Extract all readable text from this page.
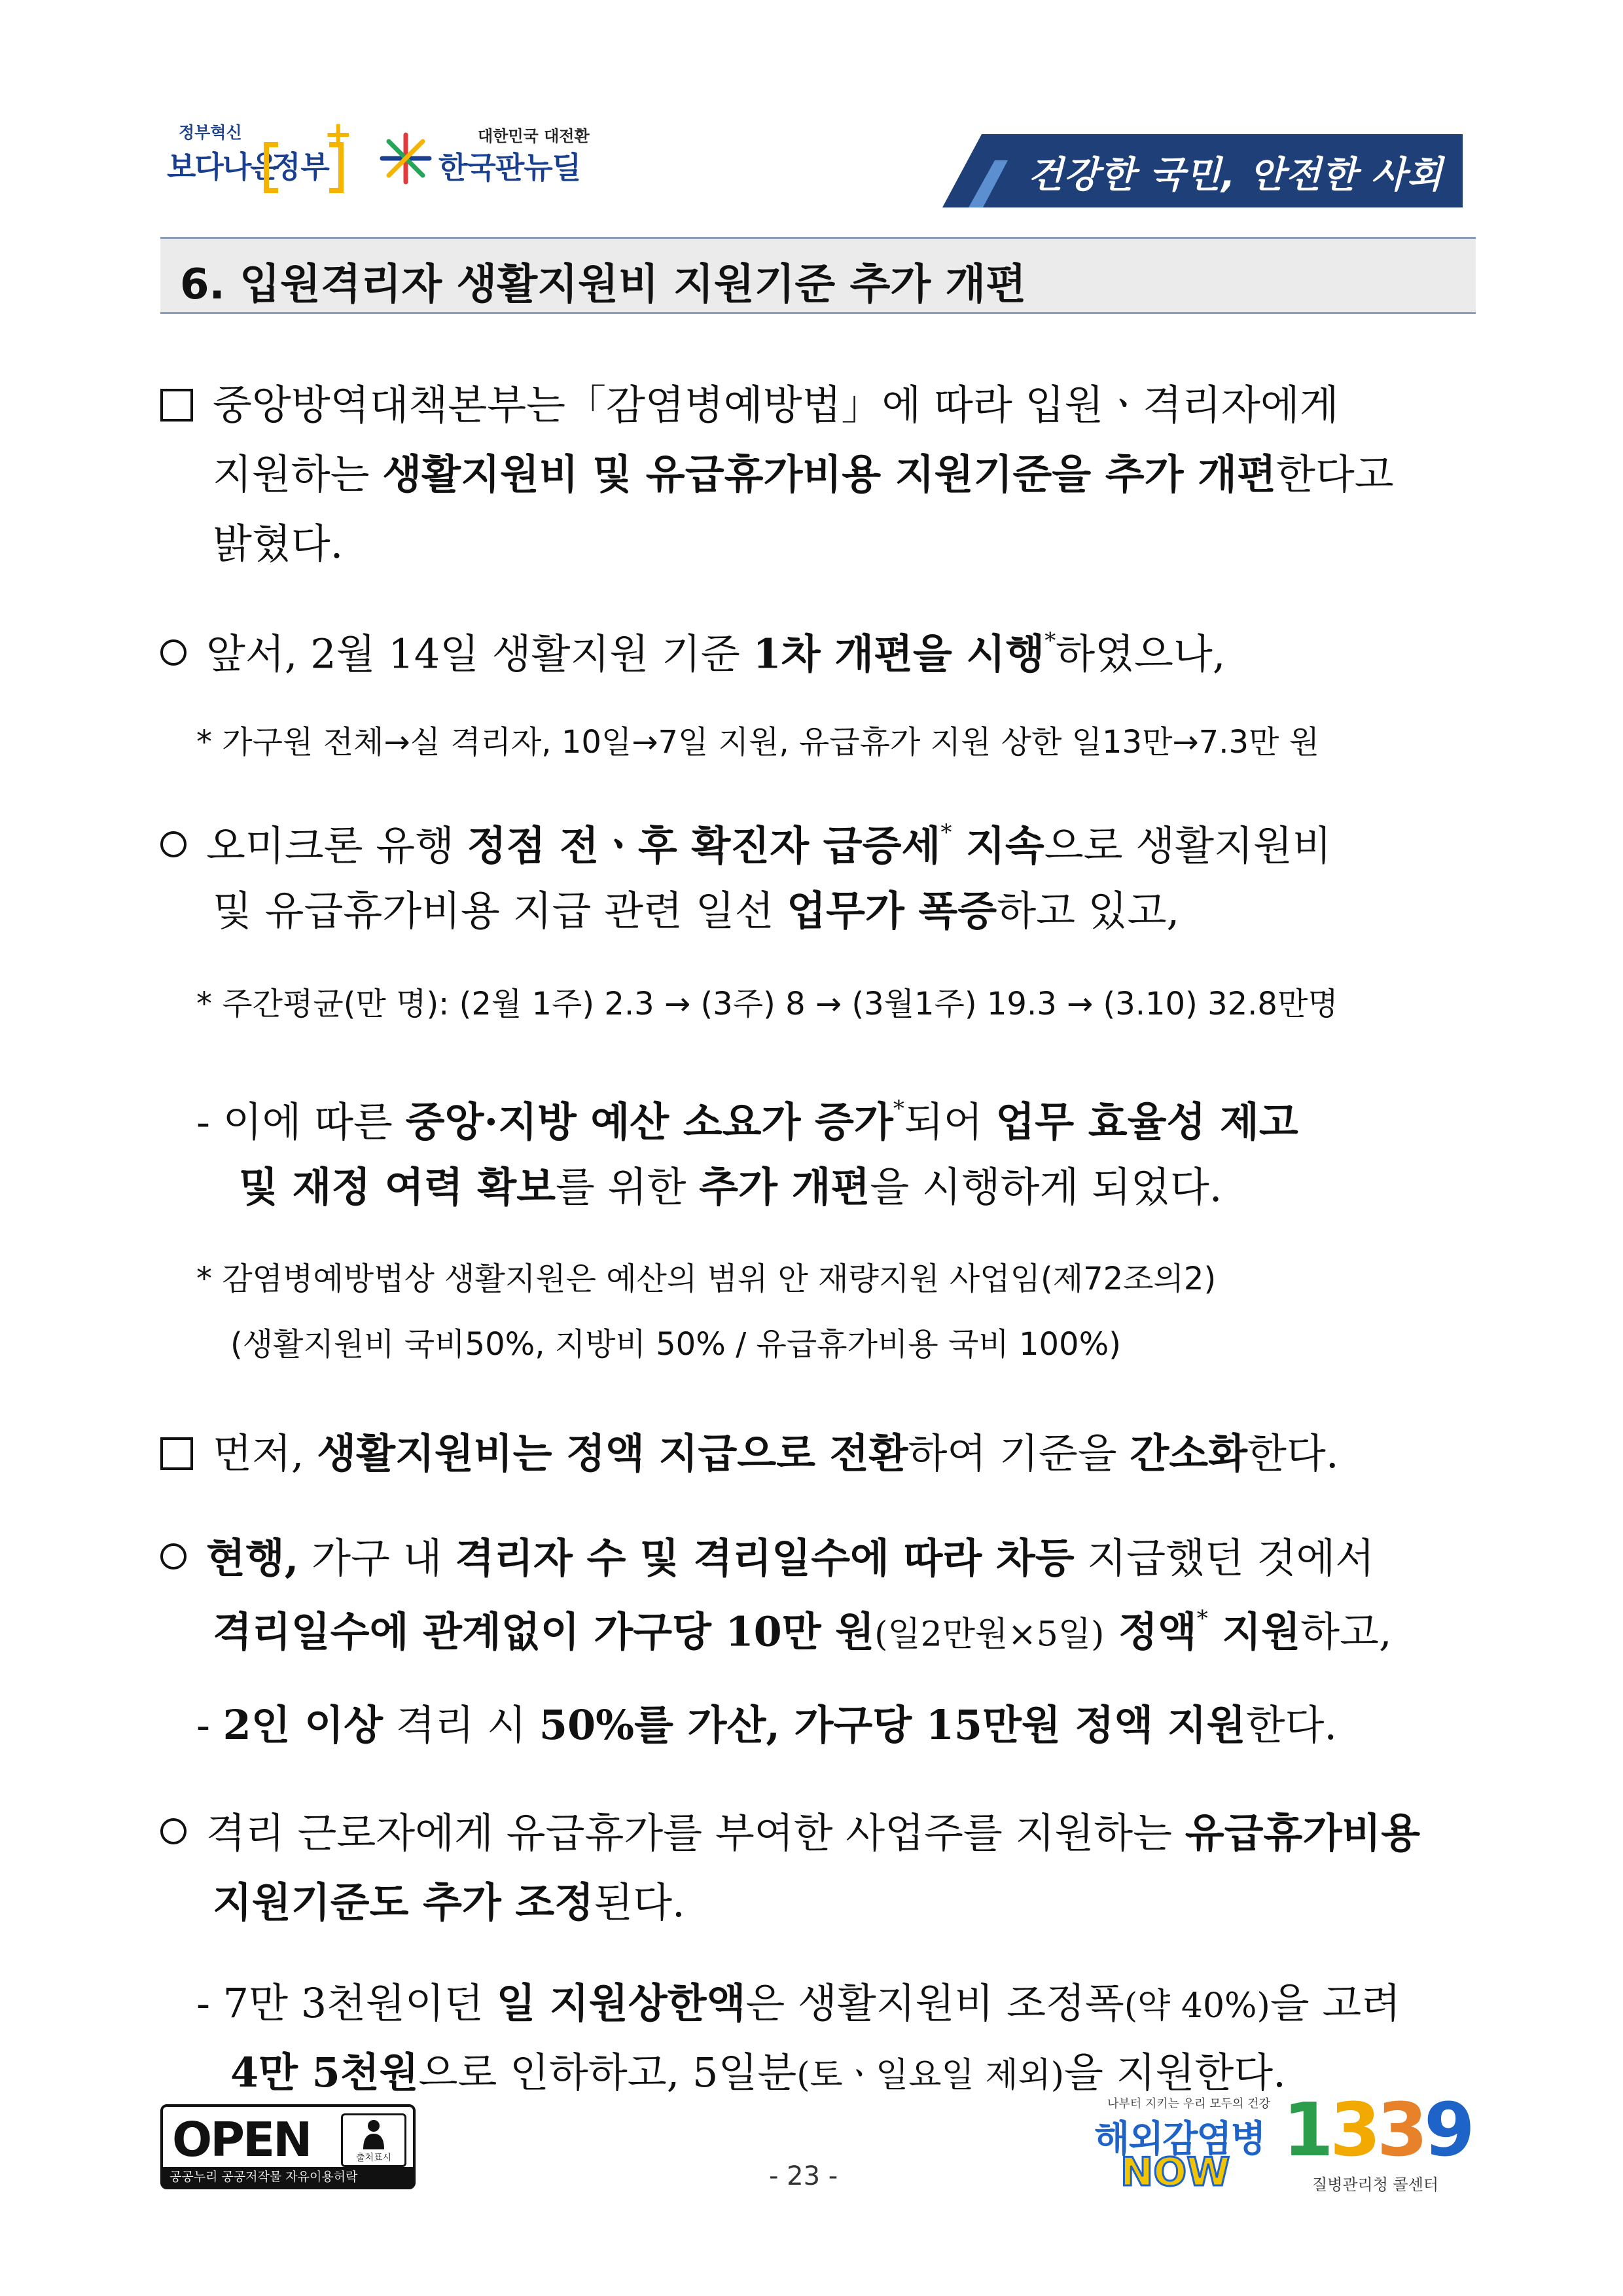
정부혁신
보다나은
정부
+	대한민국 대전환
한국판뉴딜	건강한 국민, 안전한 사회
6. 입원격리자 생활지원비 지원기준 추가 개편
중앙방역대책본부는「감염병예방법」에 따라 입원ㆍ격리자에게
지원하는 생활지원비 및 유급휴가비용 지원기준을 추가 개편한다고
밝혔다.
앞서, 2월 14일 생활지원 기준 1차 개편을 시행*하였으나,
* 가구원 전체→실 격리자, 10일→7일 지원, 유급휴가 지원 상한 일13만→7.3만 원
오미크론 유행 정점 전ㆍ후 확진자 급증세* 지속으로 생활지원비
및 유급휴가비용 지급 관련 일선 업무가 폭증하고 있고,
* 주간평균(만 명): (2월 1주) 2.3 → (3주) 8 → (3월1주) 19.3 → (3.10) 32.8만명
- 이에 따른 중앙·지방 예산 소요가 증가*되어 업무 효율성 제고
및 재정 여력 확보를 위한 추가 개편을 시행하게 되었다.
* 감염병예방법상 생활지원은 예산의 범위 안 재량지원 사업임(제72조의2)
(생활지원비 국비50%, 지방비 50% / 유급휴가비용 국비 100%)
먼저, 생활지원비는 정액 지급으로 전환하여 기준을 간소화한다.
현행, 가구 내 격리자 수 및 격리일수에 따라 차등 지급했던 것에서
격리일수에 관계없이 가구당 10만 원(일2만원×5일) 정액* 지원하고,
- 2인 이상 격리 시 50%를 가산, 가구당 15만원 정액 지원한다.
격리 근로자에게 유급휴가를 부여한 사업주를 지원하는 유급휴가비용
지원기준도 추가 조정된다.
- 7만 3천원이던 일 지원상한액은 생활지원비 조정폭(약 40%)을 고려
4만 5천원으로 인하하고, 5일분(토ㆍ일요일 제외)을 지원한다.
OPEN	출처표시
공공누리 공공저작물 자유이용허락	- 23 -
나부터 지키는 우리 모두의 건강
해외감염병
NOW 1339
질병관리청 콜센터
